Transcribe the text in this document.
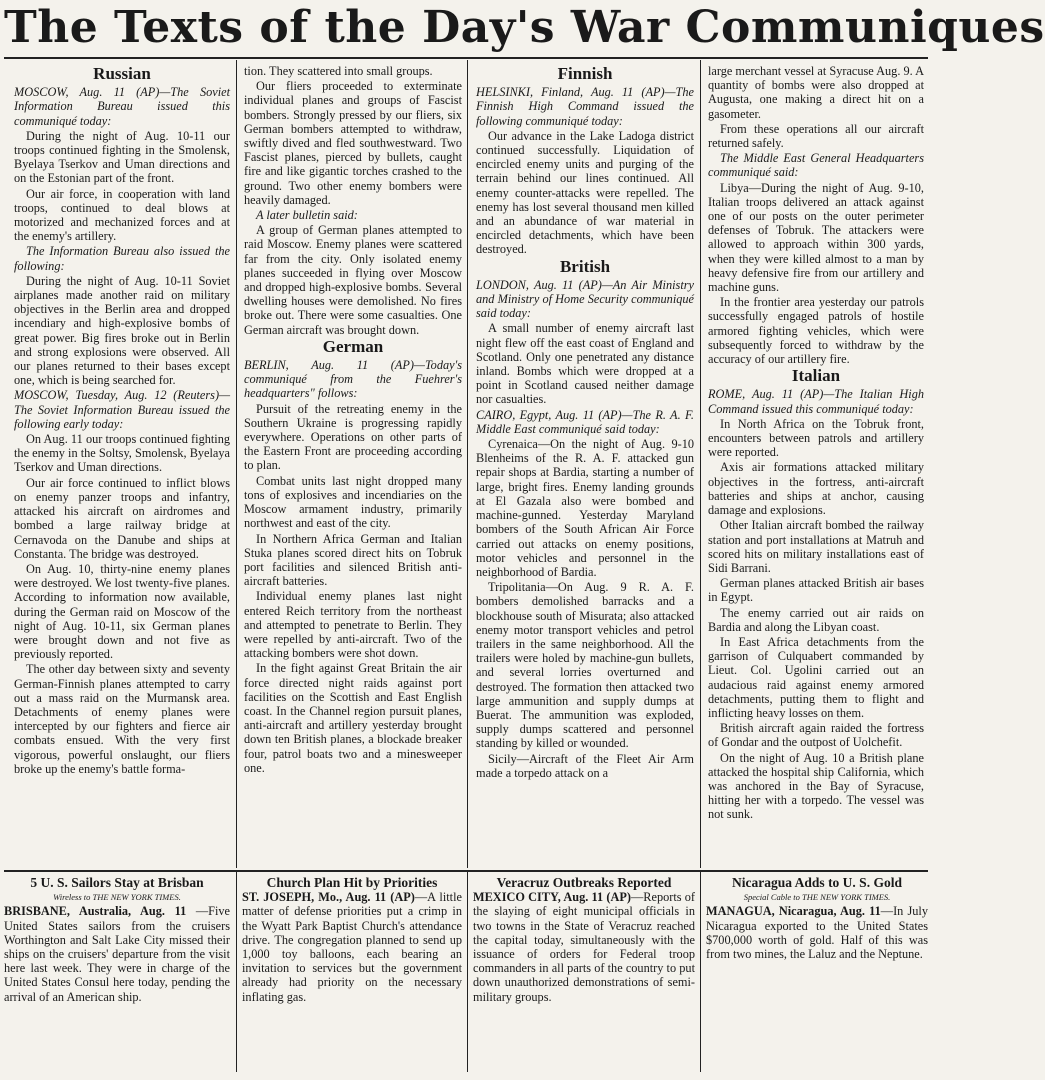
The Texts of the Day's War Communiques
Russian

MOSCOW, Aug. 11 (AP)—The Soviet Information Bureau issued this communiqué today:

During the night of Aug. 10-11 our troops continued fighting in the Smolensk, Byelaya Tserkov and Uman directions and on the Estonian part of the front.

Our air force, in cooperation with land troops, continued to deal blows at motorized and mechanized forces and at the enemy's artillery.

The Information Bureau also issued the following:

During the night of Aug. 10-11 Soviet airplanes made another raid on military objectives in the Berlin area and dropped incendiary and high-explosive bombs of great power. Big fires broke out in Berlin and strong explosions were observed. All our planes returned to their bases except one, which is being searched for.

MOSCOW, Tuesday, Aug. 12 (Reuters)—The Soviet Information Bureau issued the following early today:

On Aug. 11 our troops continued fighting the enemy in the Soltsy, Smolensk, Byelaya Tserkov and Uman directions.

Our air force continued to inflict blows on enemy panzer troops and infantry, attacked his aircraft on airdromes and bombed a large railway bridge at Cernavoda on the Danube and ships at Constanta. The bridge was destroyed.

On Aug. 10, thirty-nine enemy planes were destroyed. We lost twenty-five planes. According to information now available, during the German raid on Moscow of the night of Aug. 10-11, six German planes were brought down and not five as previously reported.

The other day between sixty and seventy German-Finnish planes attempted to carry out a mass raid on the Murmansk area. Detachments of enemy planes were intercepted by our fighters and fierce air combats ensued. With the very first vigorous, powerful onslaught, our fliers broke up the enemy's battle forma-

tion. They scattered into small groups.

Our fliers proceeded to exterminate individual planes and groups of Fascist bombers. Strongly pressed by our fliers, six German bombers attempted to withdraw, swiftly dived and fled southwestward. Two Fascist planes, pierced by bullets, caught fire and like gigantic torches crashed to the ground. Two other enemy bombers were heavily damaged.

A later bulletin said:

A group of German planes attempted to raid Moscow. Enemy planes were scattered far from the city. Only isolated enemy planes succeeded in flying over Moscow and dropped high-explosive bombs. Several dwelling houses were demolished. No fires broke out. There were some casualties. One German aircraft was brought down.

German

BERLIN, Aug. 11 (AP)—Today's communiqué from the Fuehrer's headquarters" follows:

Pursuit of the retreating enemy in the Southern Ukraine is progressing rapidly everywhere. Operations on other parts of the Eastern Front are proceeding according to plan.

Combat units last night dropped many tons of explosives and incendiaries on the Moscow armament industry, primarily northwest and east of the city.

In Northern Africa German and Italian Stuka planes scored direct hits on Tobruk port facilities and silenced British anti-aircraft batteries.

Individual enemy planes last night entered Reich territory from the northeast and attempted to penetrate to Berlin. They were repelled by anti-aircraft. Two of the attacking bombers were shot down.

In the fight against Great Britain the air force directed night raids against port facilities on the Scottish and East English coast. In the Channel region pursuit planes, anti-aircraft and artillery yesterday brought down ten British planes, a blockade breaker four, patrol boats two and a minesweeper one.

Finnish

HELSINKI, Finland, Aug. 11 (AP)—The Finnish High Command issued the following communiqué today:

Our advance in the Lake Ladoga district continued successfully. Liquidation of encircled enemy units and purging of the terrain behind our lines continued. All enemy counter-attacks were repelled. The enemy has lost several thousand men killed and an abundance of war material in encircled detachments, which have been destroyed.

British

LONDON, Aug. 11 (AP)—An Air Ministry and Ministry of Home Security communiqué said today:

A small number of enemy aircraft last night flew off the east coast of England and Scotland. Only one penetrated any distance inland. Bombs which were dropped at a point in Scotland caused neither damage nor casualties.

CAIRO, Egypt, Aug. 11 (AP)—The R. A. F. Middle East communiqué said today:

Cyrenaica—On the night of Aug. 9-10 Blenheims of the R. A. F. attacked gun repair shops at Bardia, starting a number of large, bright fires. Enemy landing grounds at El Gazala also were bombed and machine-gunned. Yesterday Maryland bombers of the South African Air Force carried out attacks on enemy positions, motor vehicles and personnel in the neighborhood of Bardia.

Tripolitania—On Aug. 9 R. A. F. bombers demolished barracks and a blockhouse south of Misurata; also attacked enemy motor transport vehicles and petrol trailers in the same neighborhood. All the trailers were holed by machine-gun bullets, and several lorries overturned and destroyed. The formation then attacked two large ammunition and supply dumps at Buerat. The ammunition was exploded, supply dumps scattered and personnel standing by killed or wounded.

Sicily—Aircraft of the Fleet Air Arm made a torpedo attack on a

large merchant vessel at Syracuse Aug. 9. A quantity of bombs were also dropped at Augusta, one making a direct hit on a gasometer.

From these operations all our aircraft returned safely.

The Middle East General Headquarters communiqué said:

Libya—During the night of Aug. 9-10, Italian troops delivered an attack against one of our posts on the outer perimeter defenses of Tobruk. The attackers were allowed to approach within 300 yards, when they were killed almost to a man by heavy defensive fire from our artillery and machine guns.

In the frontier area yesterday our patrols successfully engaged patrols of hostile armored fighting vehicles, which were subsequently forced to withdraw by the accuracy of our artillery fire.

Italian

ROME, Aug. 11 (AP)—The Italian High Command issued this communiqué today:

In North Africa on the Tobruk front, encounters between patrols and artillery were reported.

Axis air formations attacked military objectives in the fortress, anti-aircraft batteries and ships at anchor, causing damage and explosions.

Other Italian aircraft bombed the railway station and port installations at Matruh and scored hits on military installations east of Sidi Barrani.

German planes attacked British air bases in Egypt.

The enemy carried out air raids on Bardia and along the Libyan coast.

In East Africa detachments from the garrison of Culquabert commanded by Lieut. Col. Ugolini carried out an audacious raid against enemy armored detachments, putting them to flight and inflicting heavy losses on them.

British aircraft again raided the fortress of Gondar and the outpost of Uolchefit.

On the night of Aug. 10 a British plane attacked the hospital ship California, which was anchored in the Bay of Syracuse, hitting her with a torpedo. The vessel was not sunk.

5 U. S. Sailors Stay at Brisban

Wireless to THE NEW YORK TIMES.

BRISBANE, Australia, Aug. 11 —Five United States sailors from the cruisers Worthington and Salt Lake City missed their ships on the cruisers' departure from the visit here last week. They were in charge of the United States Consul here today, pending the arrival of an American ship.

Church Plan Hit by Priorities

ST. JOSEPH, Mo., Aug. 11 (AP)—A little matter of defense priorities put a crimp in the Wyatt Park Baptist Church's attendance drive. The congregation planned to send up 1,000 toy balloons, each bearing an invitation to services but the government already had priority on the necessary inflating gas.

Veracruz Outbreaks Reported

MEXICO CITY, Aug. 11 (AP)—Reports of the slaying of eight municipal officials in two towns in the State of Veracruz reached the capital today, simultaneously with the issuance of orders for Federal troop commanders in all parts of the country to put down unauthorized demonstrations of semi-military groups.

Nicaragua Adds to U. S. Gold

Special Cable to THE NEW YORK TIMES.

MANAGUA, Nicaragua, Aug. 11—In July Nicaragua exported to the United States $700,000 worth of gold. Half of this was from two mines, the Laluz and the Neptune.
